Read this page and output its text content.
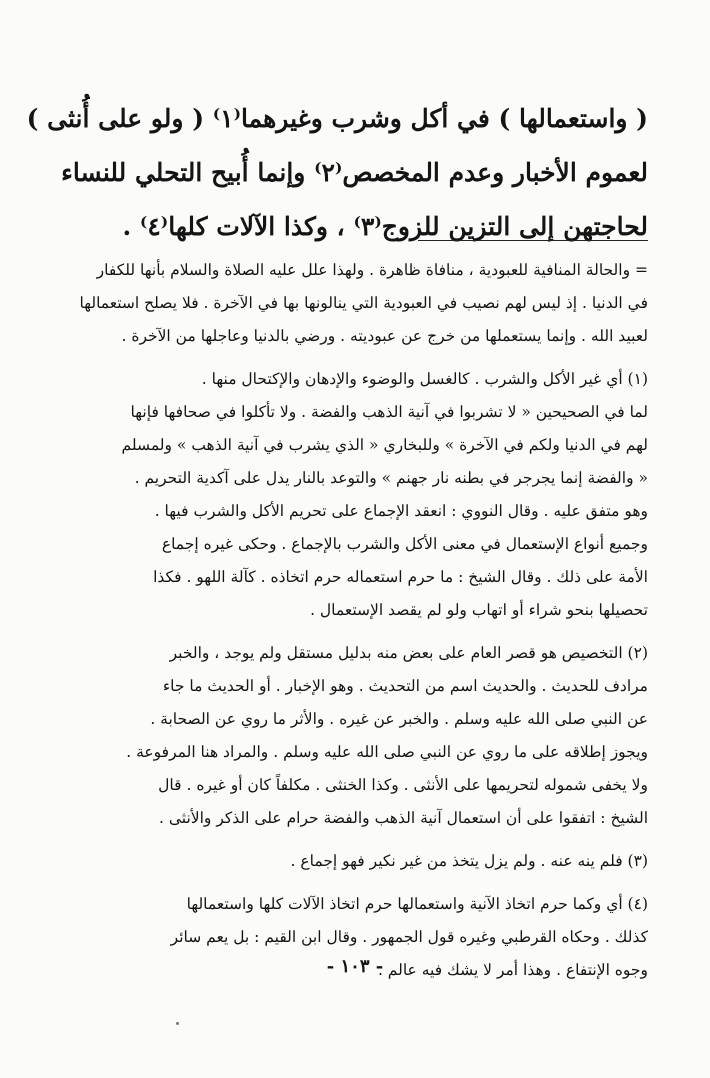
( واستعمالها ) في أكل وشرب وغيرهما⁽١⁾ ( ولو على أُنثى )

لعموم الأخبار وعدم المخصص⁽٢⁾ وإنما أُبيح التحلي للنساء

لحاجتهن إلى التزين للزوج⁽٣⁾ ، وكذا الآلات كلها⁽٤⁾ .

= والحالة المنافية للعبودية ، منافاة ظاهرة . ولهذا علل عليه الصلاة والسلام بأنها للكفار

في الدنيا . إذ ليس لهم نصيب في العبودية التي ينالونها بها في الآخرة . فلا يصلح استعمالها

لعبيد الله . وإنما يستعملها من خرج عن عبوديته . ورضي بالدنيا وعاجلها من الآخرة .

(١) أي غير الأكل والشرب . كالغسل والوضوء والإدهان والإكتحال منها .

لما في الصحيحين « لا تشربوا في آنية الذهب والفضة . ولا تأكلوا في صحافها فإنها

لهم في الدنيا ولكم في الآخرة » وللبخاري « الذي يشرب في آنية الذهب » ولمسلم

« والفضة إنما يجرجر في بطنه نار جهنم » والتوعد بالنار يدل على آكدية التحريم .

وهو متفق عليه . وقال النووي : انعقد الإجماع على تحريم الأكل والشرب فيها .

وجميع أنواع الإستعمال في معنى الأكل والشرب بالإجماع . وحكى غيره إجماع

الأمة على ذلك . وقال الشيخ : ما حرم استعماله حرم اتخاذه . كآلة اللهو . فكذا

تحصيلها بنحو شراء أو اتهاب ولو لم يقصد الإستعمال .

(٢) التخصيص هو قصر العام على بعض منه بدليل مستقل ولم يوجد ، والخبر

مرادف للحديث . والحديث اسم من التحديث . وهو الإخبار . أو الحديث ما جاء

عن النبي صلى الله عليه وسلم . والخبر عن غيره . والأثر ما روي عن الصحابة .

ويجوز إطلاقه على ما روي عن النبي صلى الله عليه وسلم . والمراد هنا المرفوعة .

ولا يخفى شموله لتحريمها على الأنثى . وكذا الخنثى . مكلفاً كان أو غيره . قال

الشيخ : اتفقوا على أن استعمال آنية الذهب والفضة حرام على الذكر والأنثى .

(٣) فلم ينه عنه . ولم يزل يتخذ من غير نكير فهو إجماع .

(٤) أي وكما حرم اتخاذ الآنية واستعمالها حرم اتخاذ الآلات كلها واستعمالها

كذلك . وحكاه القرطبي وغيره قول الجمهور . وقال ابن القيم : بل يعم سائر

وجوه الإنتفاع . وهذا أمر لا يشك فيه عالم .

- ١٠٣ -
